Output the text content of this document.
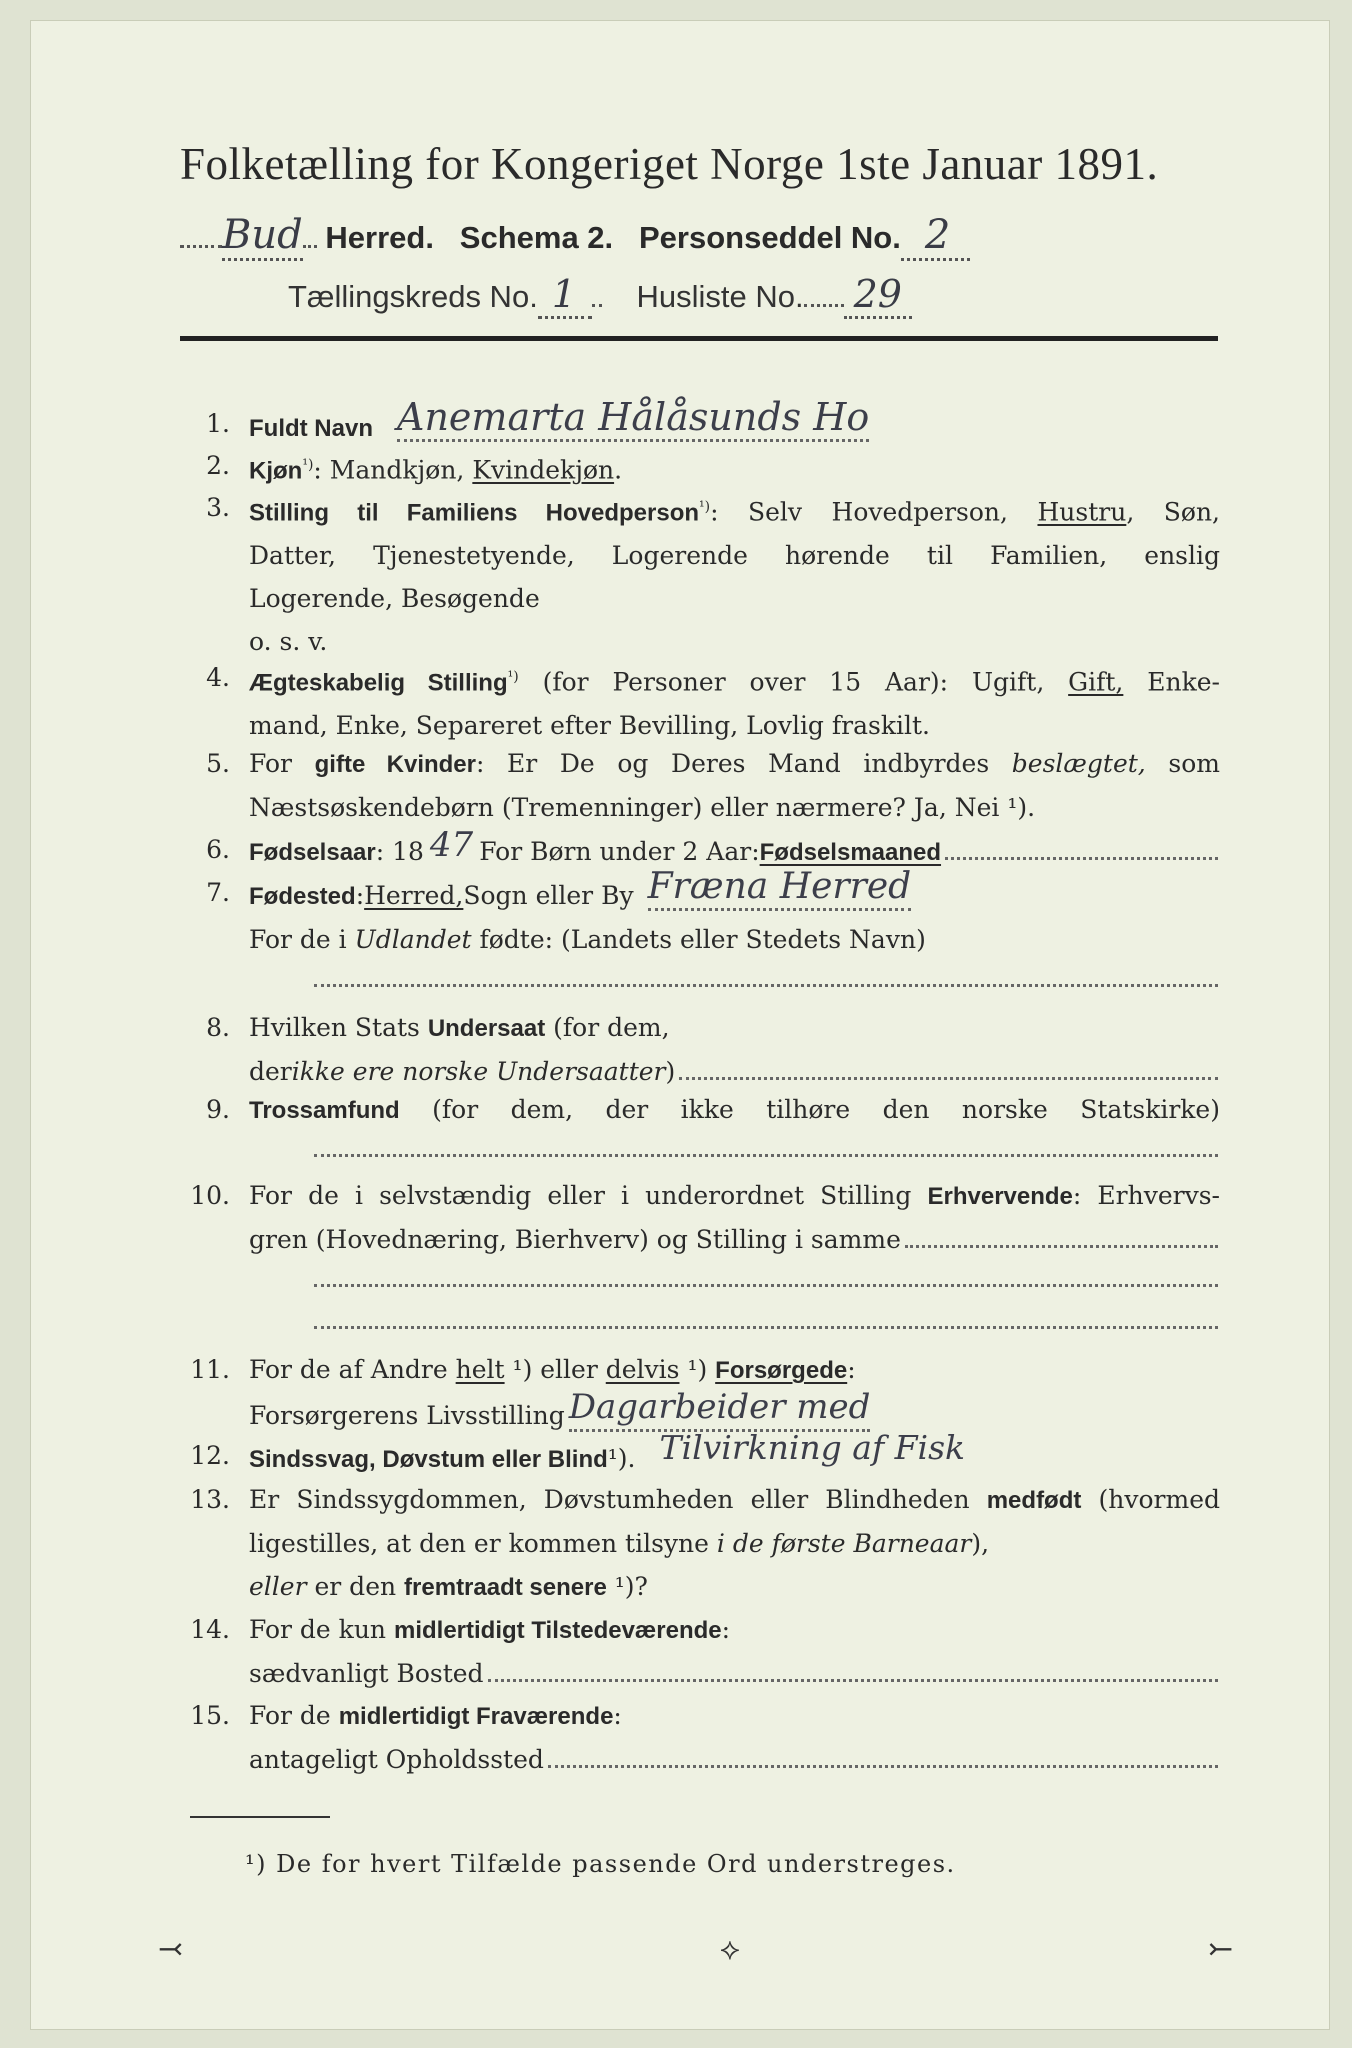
Folketælling for Kongeriget Norge 1ste Januar 1891.
Bud Herred. Schema 2. Personseddel No. 2
Tællingskreds No. 1 Husliste No. 29
1. Fuldt Navn Anemarta Hålåsunds Ho
2. Kjøn$^{^1)}$: Mandkjøn, Kvindekjøn.
3. Stilling til Familiens Hovedperson$^{^1)}$: Selv Hovedperson, Hustru, Søn,
Datter, Tjenestetyende, Logerende hørende til Familien, enslig
Logerende, Besøgende
o. s. v.
4. Ægteskabelig Stilling$^{^1)}$ (for Personer over 15 Aar): Ugift, Gift, Enke-
mand, Enke, Separeret efter Bevilling, Lovlig fraskilt.
5. For gifte Kvinder: Er De og Deres Mand indbyrdes beslægtet, som
Næstsøskendebørn (Tremenninger) eller nærmere? Ja, Nei ¹).
6. Fødselsaar : 18 47 For Børn under 2 Aar: Fødselsmaaned
7. Fødested : Herred, Sogn eller By Fræna Herred
For de i Udlandet fødte: (Landets eller Stedets Navn)
8. Hvilken Stats Undersaat (for dem,
der ikke ere norske Undersaatter )
9. Trossamfund (for dem, der ikke tilhøre den norske Statskirke)
10. For de i selvstændig eller i underordnet Stilling Erhvervende: Erhvervs-
gren (Hovednæring, Bierhverv) og Stilling i samme
11. For de af Andre helt ¹) eller delvis ¹) Forsørgede:
Forsørgerens Livsstilling Dagarbeider med
12. Sindssvag, Døvstum eller Blind ¹). Tilvirkning af Fisk
13. Er Sindssygdommen, Døvstumheden eller Blindheden medfødt (hvormed
ligestilles, at den er kommen tilsyne i de første Barneaar),
eller er den fremtraadt senere ¹)?
14. For de kun midlertidigt Tilstedeværende:
sædvanligt Bosted
15. For de midlertidigt Fraværende:
antageligt Opholdssted
¹) De for hvert Tilfælde passende Ord understreges.
⤙	⟡	⤚
